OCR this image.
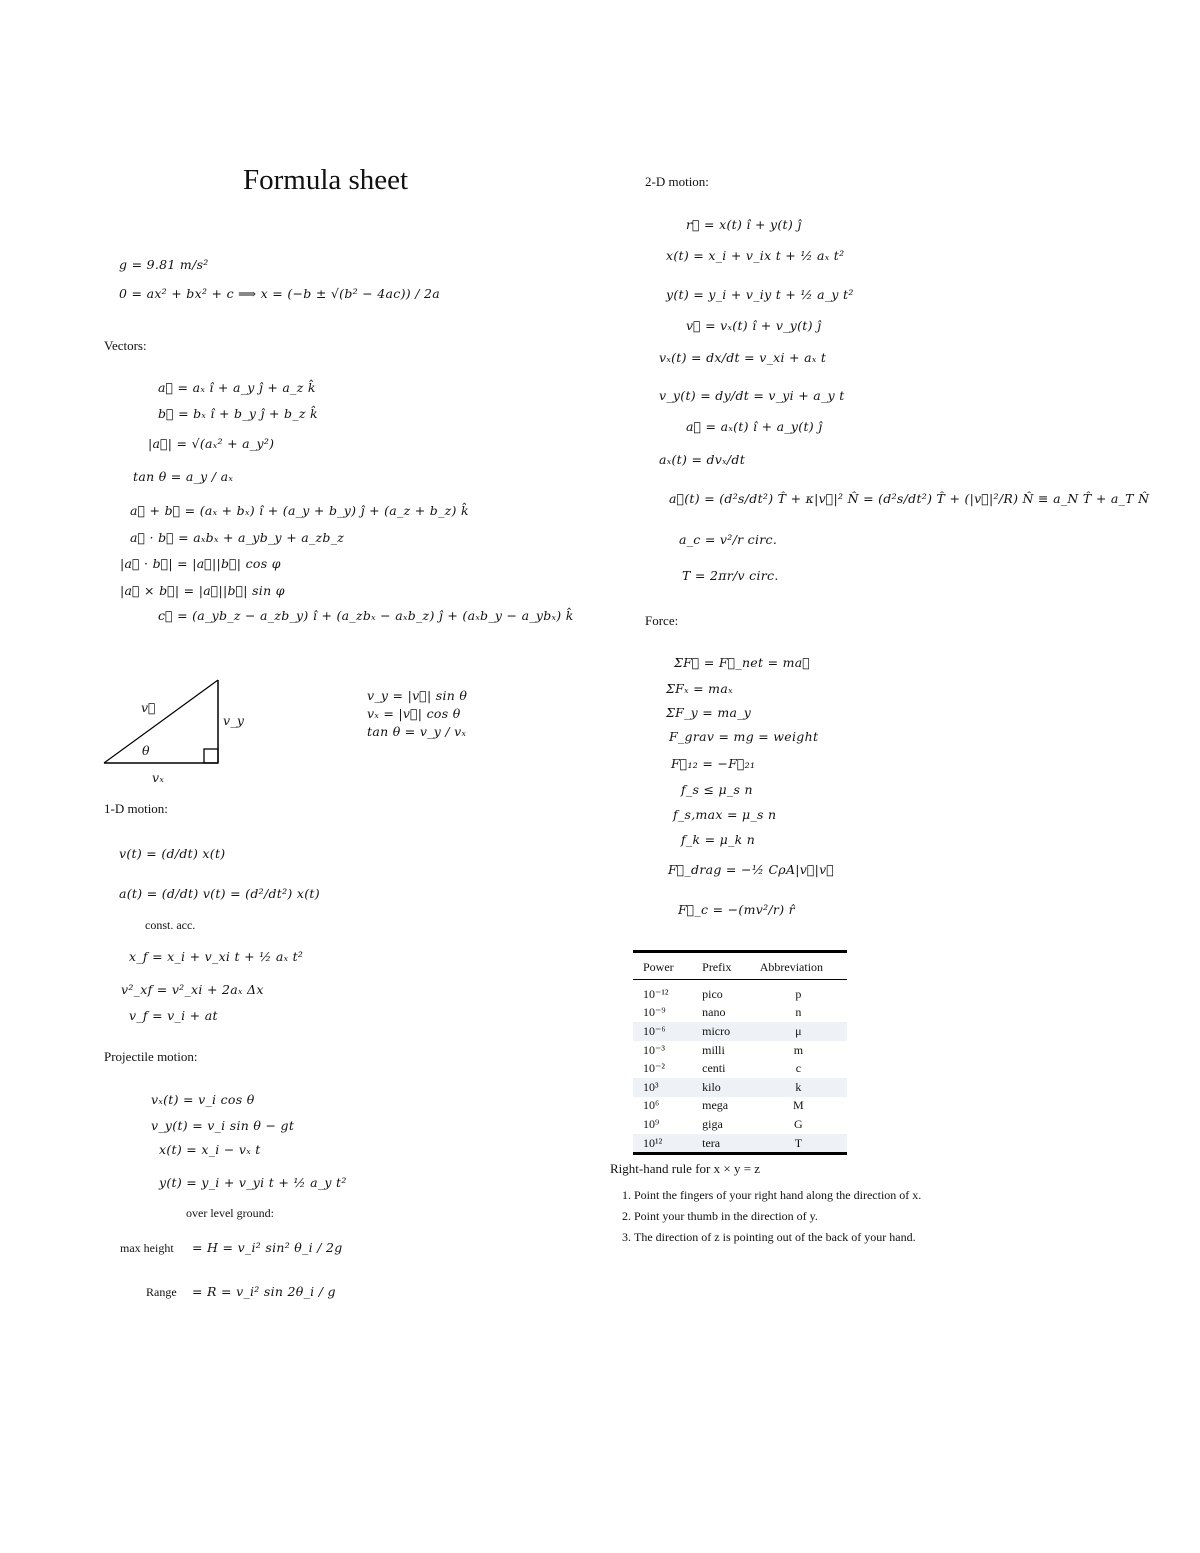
Formula sheet
g = 9.81 m/s²
0 = ax² + bx² + c ⟹ x = (−b ± √(b² − 4ac)) / 2a
Vectors:
a⃗ = aₓ ı̂ + a_y ȷ̂ + a_z k̂
b⃗ = bₓ ı̂ + b_y ȷ̂ + b_z k̂
|a⃗| = √(aₓ² + a_y²)
tan θ = a_y / aₓ
a⃗ + b⃗ = (aₓ + bₓ) ı̂ + (a_y + b_y) ȷ̂ + (a_z + b_z) k̂
a⃗ · b⃗ = aₓbₓ + a_yb_y + a_zb_z
|a⃗ · b⃗| = |a⃗||b⃗| cos φ
|a⃗ × b⃗| = |a⃗||b⃗| sin φ
c⃗ = (a_yb_z − a_zb_y) ı̂ + (a_zbₓ − aₓb_z) ȷ̂ + (aₓb_y − a_ybₓ) k̂
v⃗
v_y
θ
vₓ
v_y = |v⃗| sin θ
vₓ = |v⃗| cos θ
tan θ = v_y / vₓ
1-D motion:
v(t) = (d/dt) x(t)
a(t) = (d/dt) v(t) = (d²/dt²) x(t)
const. acc.
x_f = x_i + v_xi t + ½ aₓ t²
v²_xf = v²_xi + 2aₓ Δx
v_f = v_i + at
Projectile motion:
vₓ(t) = v_i cos θ
v_y(t) = v_i sin θ − gt
x(t) = x_i − vₓ t
y(t) = y_i + v_yi t + ½ a_y t²
over level ground:
max height = H = v_i² sin² θ_i / 2g
Range = R = v_i² sin 2θ_i / g
2-D motion:
r⃗ = x(t) ı̂ + y(t) ȷ̂
x(t) = x_i + v_ix t + ½ aₓ t²
y(t) = y_i + v_iy t + ½ a_y t²
v⃗ = vₓ(t) ı̂ + v_y(t) ȷ̂
vₓ(t) = dx/dt = v_xi + aₓ t
v_y(t) = dy/dt = v_yi + a_y t
a⃗ = aₓ(t) ı̂ + a_y(t) ȷ̂
aₓ(t) = dvₓ/dt
a⃗(t) = (d²s/dt²) T̂ + κ|v⃗|² N̂ = (d²s/dt²) T̂ + (|v⃗|²/R) N̂ ≡ a_N T̂ + a_T N̂
a_c = v²/r circ.
T = 2πr/v circ.
Force:
ΣF⃗ = F⃗_net = ma⃗
ΣFₓ = maₓ
ΣF_y = ma_y
F_grav = mg = weight
F⃗₁₂ = −F⃗₂₁
f_s ≤ μ_s n
f_s,max = μ_s n
f_k = μ_k n
F⃗_drag = −½ CρA|v⃗|v⃗
F⃗_c = −(mv²/r) r̂
Power	Prefix	Abbreviation
10⁻¹²	pico	p
10⁻⁹	nano	n
10⁻⁶	micro	μ
10⁻³	milli	m
10⁻²	centi	c
10³	kilo	k
10⁶	mega	M
10⁹	giga	G
10¹²	tera	T
Right-hand rule for x × y = z
1. Point the fingers of your right hand along the direction of x.
2. Point your thumb in the direction of y.
3. The direction of z is pointing out of the back of your hand.
